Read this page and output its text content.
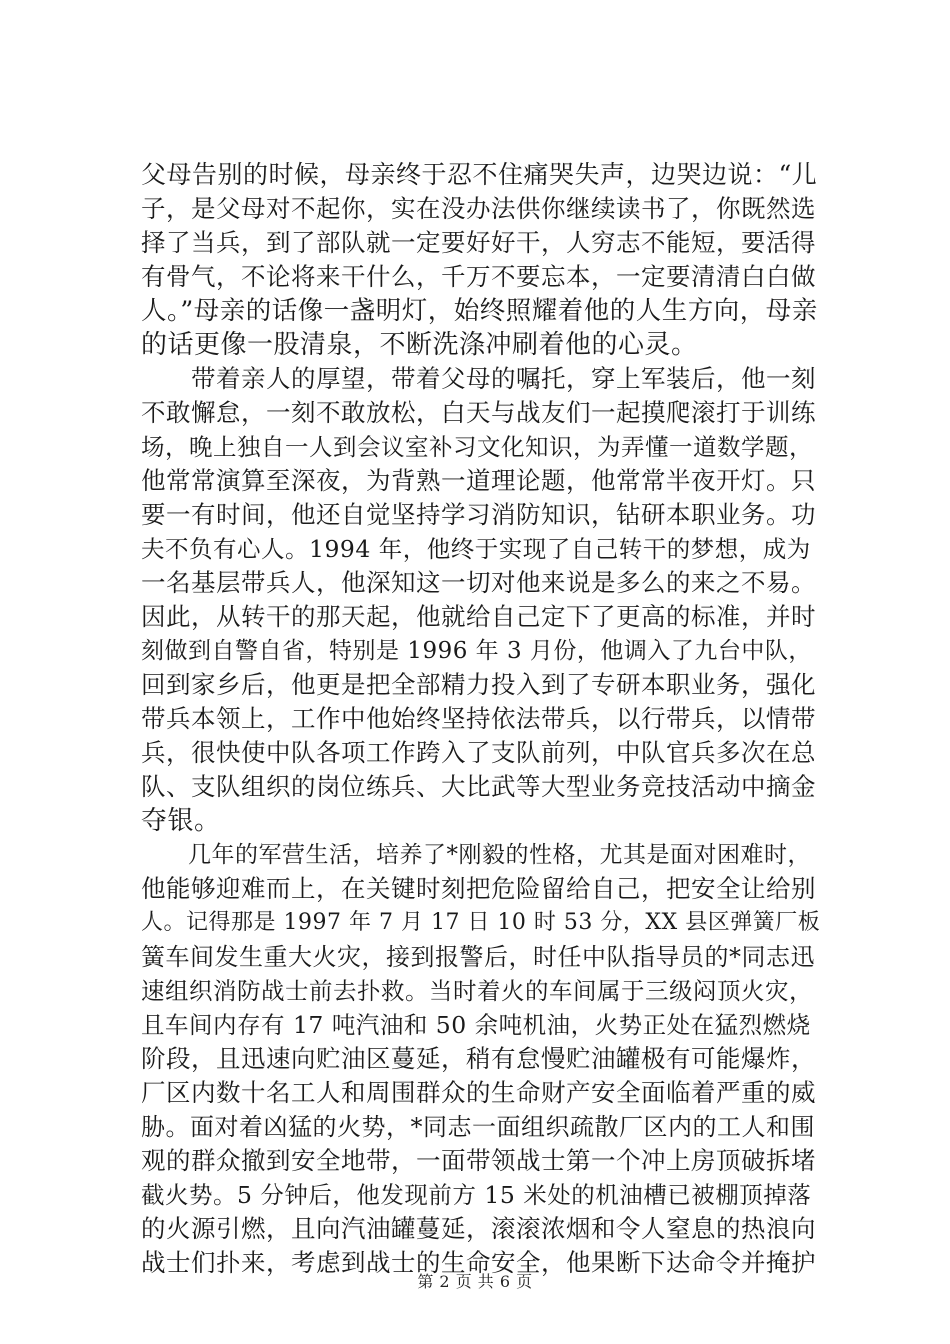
父母告别的时候，母亲终于忍不住痛哭失声，边哭边说：“儿
子，是父母对不起你，实在没办法供你继续读书了，你既然选
择了当兵，到了部队就一定要好好干，人穷志不能短，要活得
有骨气，不论将来干什么，千万不要忘本，一定要清清白白做
人。”母亲的话像一盏明灯，始终照耀着他的人生方向，母亲
的话更像一股清泉，不断洗涤冲刷着他的心灵。
　　带着亲人的厚望，带着父母的嘱托，穿上军装后，他一刻
不敢懈怠，一刻不敢放松，白天与战友们一起摸爬滚打于训练
场，晚上独自一人到会议室补习文化知识，为弄懂一道数学题，
他常常演算至深夜，为背熟一道理论题，他常常半夜开灯。只
要一有时间，他还自觉坚持学习消防知识，钻研本职业务。功
夫不负有心人。1994 年，他终于实现了自己转干的梦想，成为
一名基层带兵人，他深知这一切对他来说是多么的来之不易。
因此，从转干的那天起，他就给自己定下了更高的标准，并时
刻做到自警自省，特别是 1996 年 3 月份，他调入了九台中队，
回到家乡后，他更是把全部精力投入到了专研本职业务，强化
带兵本领上，工作中他始终坚持依法带兵，以行带兵，以情带
兵，很快使中队各项工作跨入了支队前列，中队官兵多次在总
队、支队组织的岗位练兵、大比武等大型业务竞技活动中摘金
夺银。
　　几年的军营生活，培养了*刚毅的性格，尤其是面对困难时，
他能够迎难而上，在关键时刻把危险留给自己，把安全让给别
人。记得那是 1997 年 7 月 17 日 10 时 53 分，XX 县区弹簧厂板
簧车间发生重大火灾，接到报警后，时任中队指导员的*同志迅
速组织消防战士前去扑救。当时着火的车间属于三级闷顶火灾，
且车间内存有 17 吨汽油和 50 余吨机油，火势正处在猛烈燃烧
阶段，且迅速向贮油区蔓延，稍有怠慢贮油罐极有可能爆炸，
厂区内数十名工人和周围群众的生命财产安全面临着严重的威
胁。面对着凶猛的火势，*同志一面组织疏散厂区内的工人和围
观的群众撤到安全地带，一面带领战士第一个冲上房顶破拆堵
截火势。5 分钟后，他发现前方 15 米处的机油槽已被棚顶掉落
的火源引燃，且向汽油罐蔓延，滚滚浓烟和令人窒息的热浪向
战士们扑来，考虑到战士的生命安全，他果断下达命令并掩护
第 2 页 共 6 页
